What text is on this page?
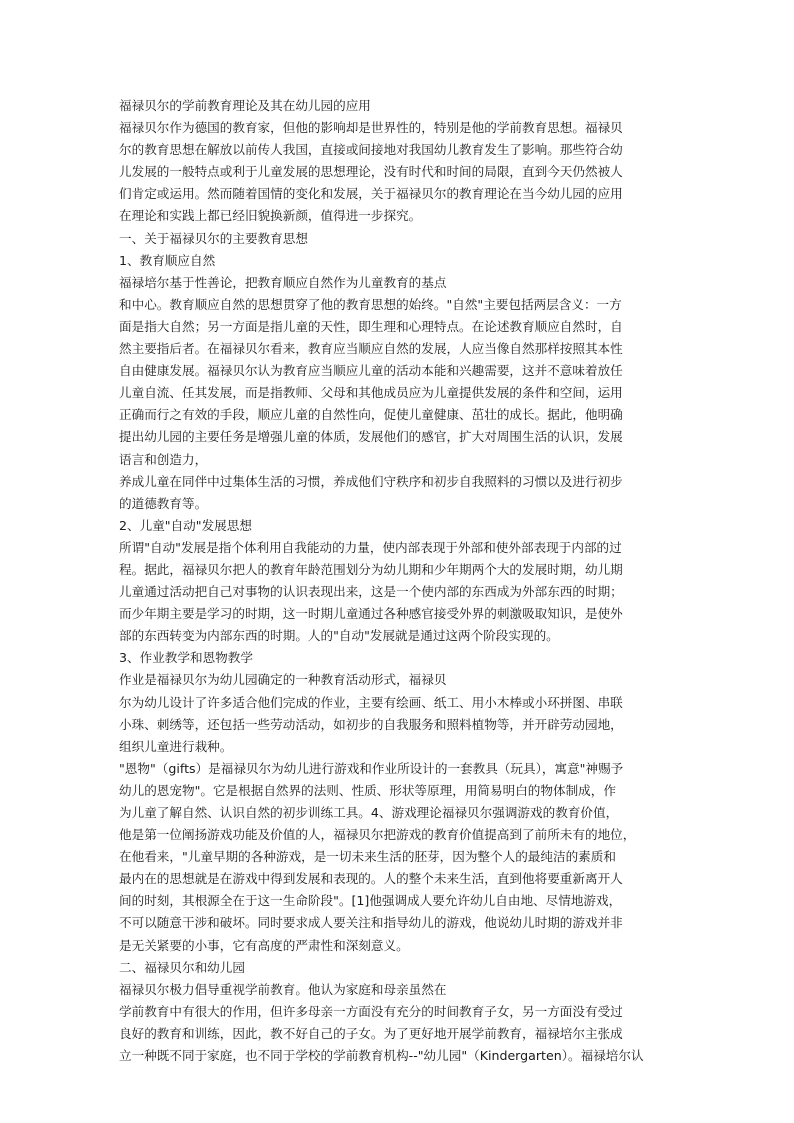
福禄贝尔的学前教育理论及其在幼儿园的应用
福禄贝尔作为德国的教育家，但他的影响却是世界性的，特别是他的学前教育思想。福禄贝
尔的教育思想在解放以前传人我国，直接或间接地对我国幼儿教育发生了影响。那些符合幼
儿发展的一般特点或利于儿童发展的思想理论，没有时代和时间的局限，直到今天仍然被人
们肯定或运用。然而随着国情的变化和发展，关于福禄贝尔的教育理论在当今幼儿园的应用
在理论和实践上都已经旧貌换新颜，值得进一步探究。
一、关于福禄贝尔的主要教育思想
1、教育顺应自然
福禄培尔基于性善论，把教育顺应自然作为儿童教育的基点
和中心。教育顺应自然的思想贯穿了他的教育思想的始终。"自然"主要包括两层含义：一方
面是指大自然；另一方面是指儿童的天性，即生理和心理特点。在论述教育顺应自然时，自
然主要指后者。在福禄贝尔看来，教育应当顺应自然的发展，人应当像自然那样按照其本性
自由健康发展。福禄贝尔认为教育应当顺应儿童的活动本能和兴趣需要，这并不意味着放任
儿童自流、任其发展，而是指教师、父母和其他成员应为儿童提供发展的条件和空间，运用
正确而行之有效的手段，顺应儿童的自然性向，促使儿童健康、茁壮的成长。据此，他明确
提出幼儿园的主要任务是增强儿童的体质，发展他们的感官，扩大对周围生活的认识，发展
语言和创造力，
养成儿童在同伴中过集体生活的习惯，养成他们守秩序和初步自我照料的习惯以及进行初步
的道德教育等。
2、儿童"自动"发展思想
所谓"自动"发展是指个体利用自我能动的力量，使内部表现于外部和使外部表现于内部的过
程。据此，福禄贝尔把人的教育年龄范围划分为幼儿期和少年期两个大的发展时期，幼儿期
儿童通过活动把自己对事物的认识表现出来，这是一个使内部的东西成为外部东西的时期；
而少年期主要是学习的时期，这一时期儿童通过各种感官接受外界的刺激吸取知识，是使外
部的东西转变为内部东西的时期。人的"自动"发展就是通过这两个阶段实现的。
3、作业教学和恩物教学
作业是福禄贝尔为幼儿园确定的一种教育活动形式，福禄贝
尔为幼儿设计了许多适合他们完成的作业，主要有绘画、纸工、用小木棒或小环拼图、串联
小珠、刺绣等，还包括一些劳动活动，如初步的自我服务和照料植物等，并开辟劳动园地，
组织儿童进行栽种。
"恩物"（gifts）是福禄贝尔为幼儿进行游戏和作业所设计的一套教具（玩具），寓意"神赐予
幼儿的恩宠物"。它是根据自然界的法则、性质、形状等原理，用简易明白的物体制成，作
为儿童了解自然、认识自然的初步训练工具。4、游戏理论福禄贝尔强调游戏的教育价值，
他是第一位阐扬游戏功能及价值的人，福禄贝尔把游戏的教育价值提高到了前所未有的地位，
在他看来，"儿童早期的各种游戏，是一切未来生活的胚芽，因为整个人的最纯洁的素质和
最内在的思想就是在游戏中得到发展和表现的。人的整个未来生活，直到他将要重新离开人
间的时刻，其根源全在于这一生命阶段"。[1]他强调成人要允许幼儿自由地、尽情地游戏，
不可以随意干涉和破坏。同时要求成人要关注和指导幼儿的游戏，他说幼儿时期的游戏并非
是无关紧要的小事，它有高度的严肃性和深刻意义。
二、福禄贝尔和幼儿园
福禄贝尔极力倡导重视学前教育。他认为家庭和母亲虽然在
学前教育中有很大的作用，但许多母亲一方面没有充分的时间教育子女，另一方面没有受过
良好的教育和训练，因此，教不好自己的子女。为了更好地开展学前教育，福禄培尔主张成
立一种既不同于家庭，也不同于学校的学前教育机构--"幼儿园"（Kindergarten）。福禄培尔认
